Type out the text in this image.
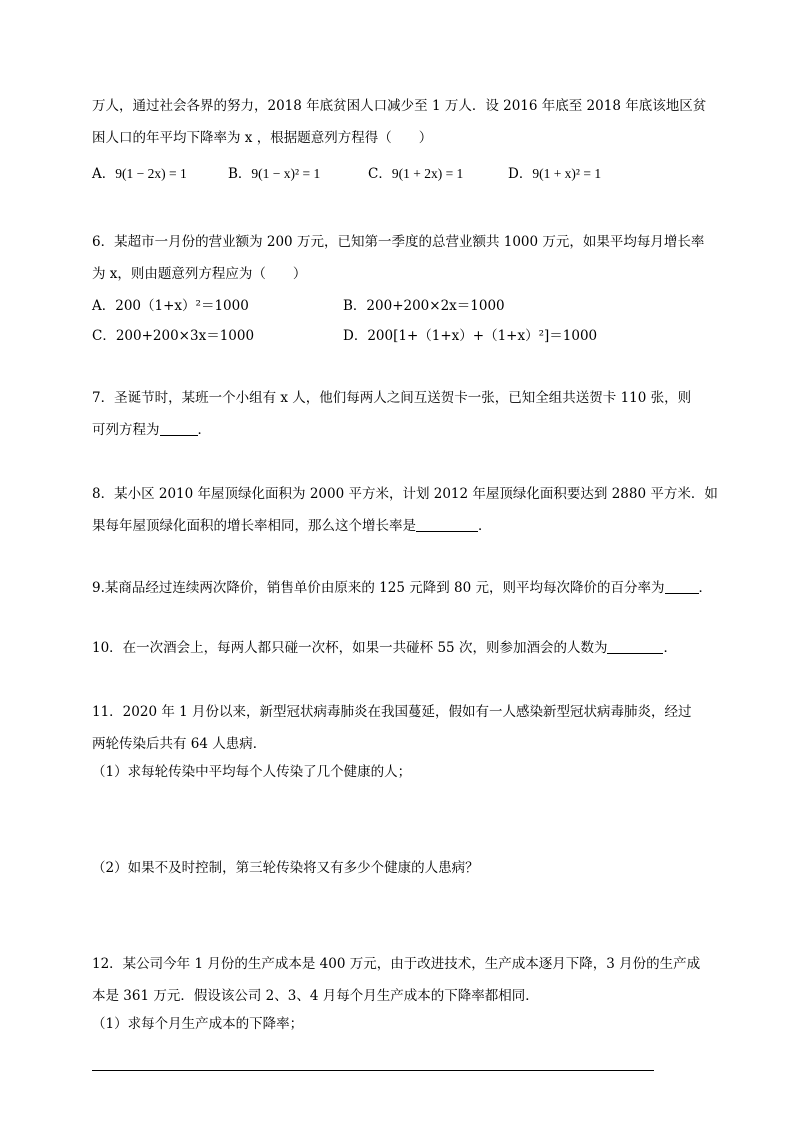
万人，通过社会各界的努力，2018 年底贫困人口减少至 1 万人．设 2016 年底至 2018 年底该地区贫
困人口的年平均下降率为 x ，根据题意列方程得（　　）
A．9(1 − 2x) = 1	B．9(1 − x)² = 1	C．9(1 + 2x) = 1	D．9(1 + x)² = 1
6．某超市一月份的营业额为 200 万元，已知第一季度的总营业额共 1000 万元，如果平均每月增长率
为 x，则由题意列方程应为（　　）
A．200（1+x）²＝1000	B．200+200×2x＝1000
C．200+200×3x＝1000	D．200[1+（1+x）+（1+x）²]＝1000
7．圣诞节时，某班一个小组有 x 人，他们每两人之间互送贺卡一张，已知全组共送贺卡 110 张，则
可列方程为	．
8．某小区 2010 年屋顶绿化面积为 2000 平方米，计划 2012 年屋顶绿化面积要达到 2880 平方米．如
果每年屋顶绿化面积的增长率相同，那么这个增长率是	．
9.某商品经过连续两次降价，销售单价由原来的 125 元降到 80 元，则平均每次降价的百分率为	．
10．在一次酒会上，每两人都只碰一次杯，如果一共碰杯 55 次，则参加酒会的人数为	．
11．2020 年 1 月份以来，新型冠状病毒肺炎在我国蔓延，假如有一人感染新型冠状病毒肺炎，经过
两轮传染后共有 64 人患病．
（1）求每轮传染中平均每个人传染了几个健康的人；
（2）如果不及时控制，第三轮传染将又有多少个健康的人患病？
12．某公司今年 1 月份的生产成本是 400 万元，由于改进技术，生产成本逐月下降，3 月份的生产成
本是 361 万元．假设该公司 2、3、4 月每个月生产成本的下降率都相同．
（1）求每个月生产成本的下降率；
